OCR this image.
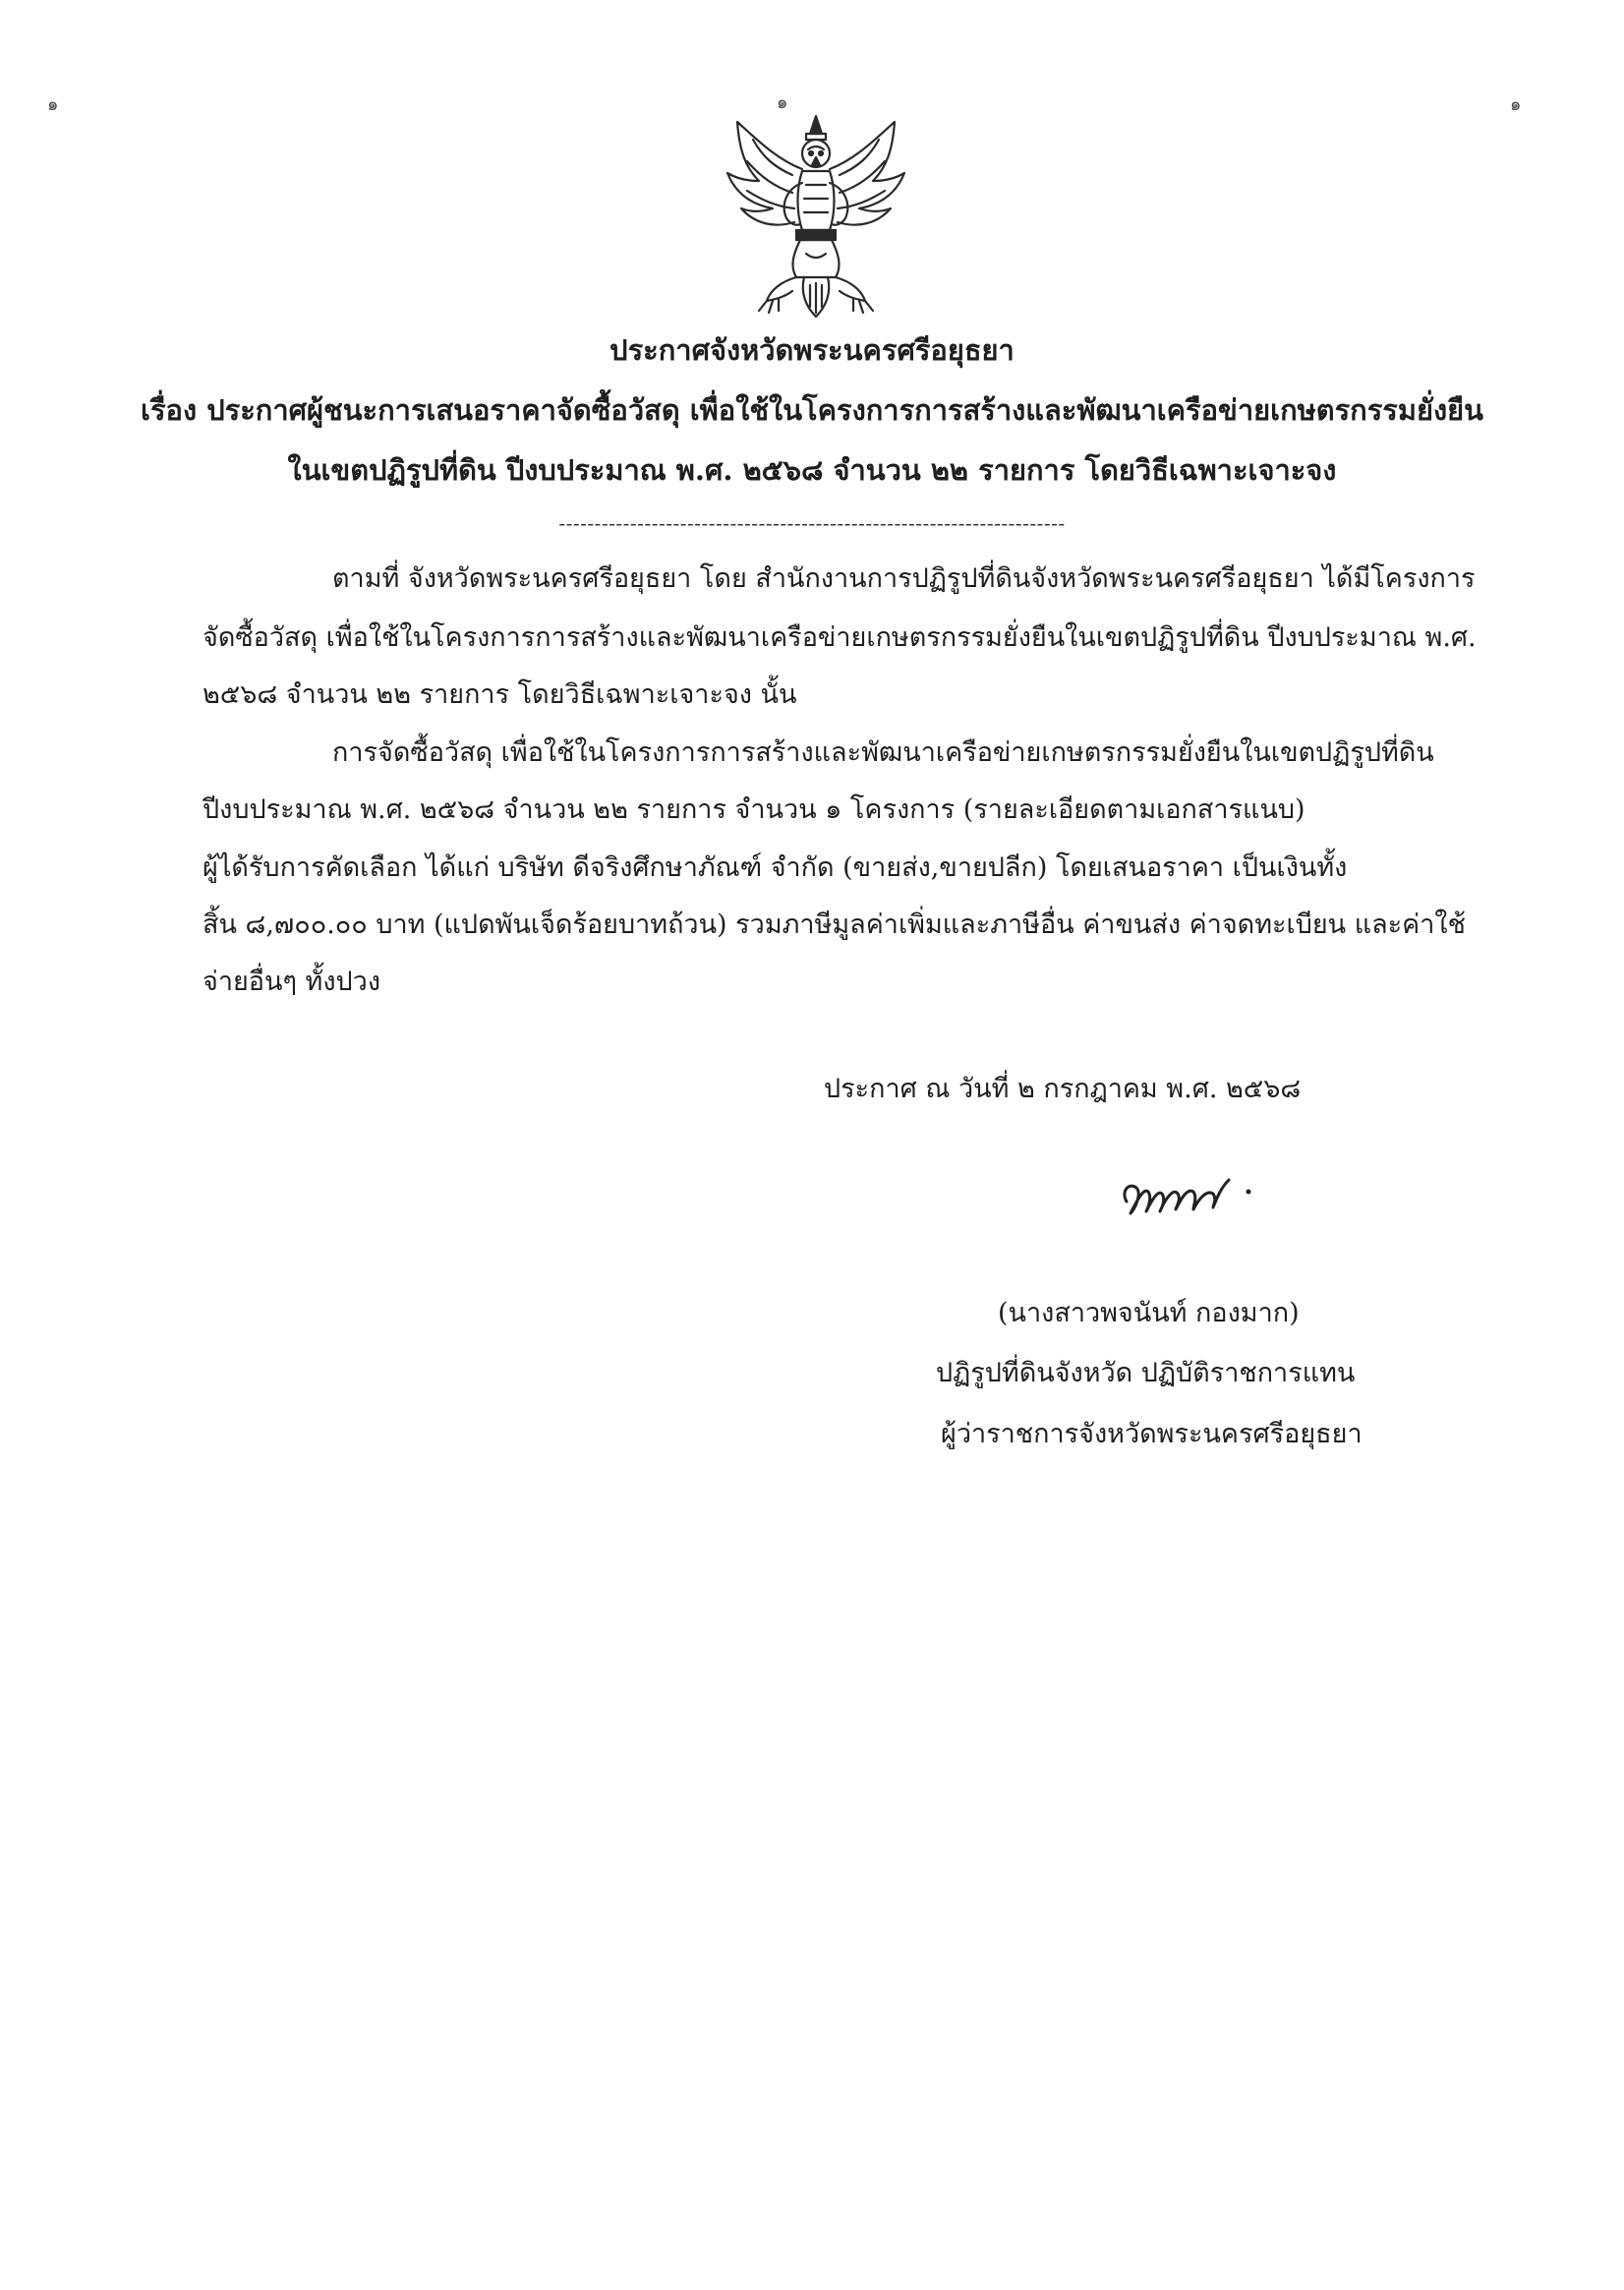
๑	๑	๑
ประกาศจังหวัดพระนครศรีอยุธยา
เรื่อง ประกาศผู้ชนะการเสนอราคาจัดซื้อวัสดุ เพื่อใช้ในโครงการการสร้างและพัฒนาเครือข่ายเกษตรกรรมยั่งยืน
ในเขตปฏิรูปที่ดิน ปีงบประมาณ พ.ศ. ๒๕๖๘ จำนวน ๒๒ รายการ โดยวิธีเฉพาะเจาะจง
-----------------------------------------------------------------------
ตามที่ จังหวัดพระนครศรีอยุธยา โดย สำนักงานการปฏิรูปที่ดินจังหวัดพระนครศรีอยุธยา ได้มีโครงการ
จัดซื้อวัสดุ เพื่อใช้ในโครงการการสร้างและพัฒนาเครือข่ายเกษตรกรรมยั่งยืนในเขตปฏิรูปที่ดิน ปีงบประมาณ พ.ศ.
๒๕๖๘ จำนวน ๒๒ รายการ โดยวิธีเฉพาะเจาะจง นั้น
การจัดซื้อวัสดุ เพื่อใช้ในโครงการการสร้างและพัฒนาเครือข่ายเกษตรกรรมยั่งยืนในเขตปฏิรูปที่ดิน
ปีงบประมาณ พ.ศ. ๒๕๖๘ จำนวน ๒๒ รายการ จำนวน ๑ โครงการ (รายละเอียดตามเอกสารแนบ)
ผู้ได้รับการคัดเลือก ได้แก่ บริษัท ดีจริงศึกษาภัณฑ์ จำกัด (ขายส่ง,ขายปลีก) โดยเสนอราคา เป็นเงินทั้ง
สิ้น ๘,๗๐๐.๐๐ บาท (แปดพันเจ็ดร้อยบาทถ้วน) รวมภาษีมูลค่าเพิ่มและภาษีอื่น ค่าขนส่ง ค่าจดทะเบียน และค่าใช้
จ่ายอื่นๆ ทั้งปวง
ประกาศ ณ วันที่ ๒ กรกฎาคม พ.ศ. ๒๕๖๘
(นางสาวพจนันท์ กองมาก)
ปฏิรูปที่ดินจังหวัด ปฏิบัติราชการแทน
ผู้ว่าราชการจังหวัดพระนครศรีอยุธยา
